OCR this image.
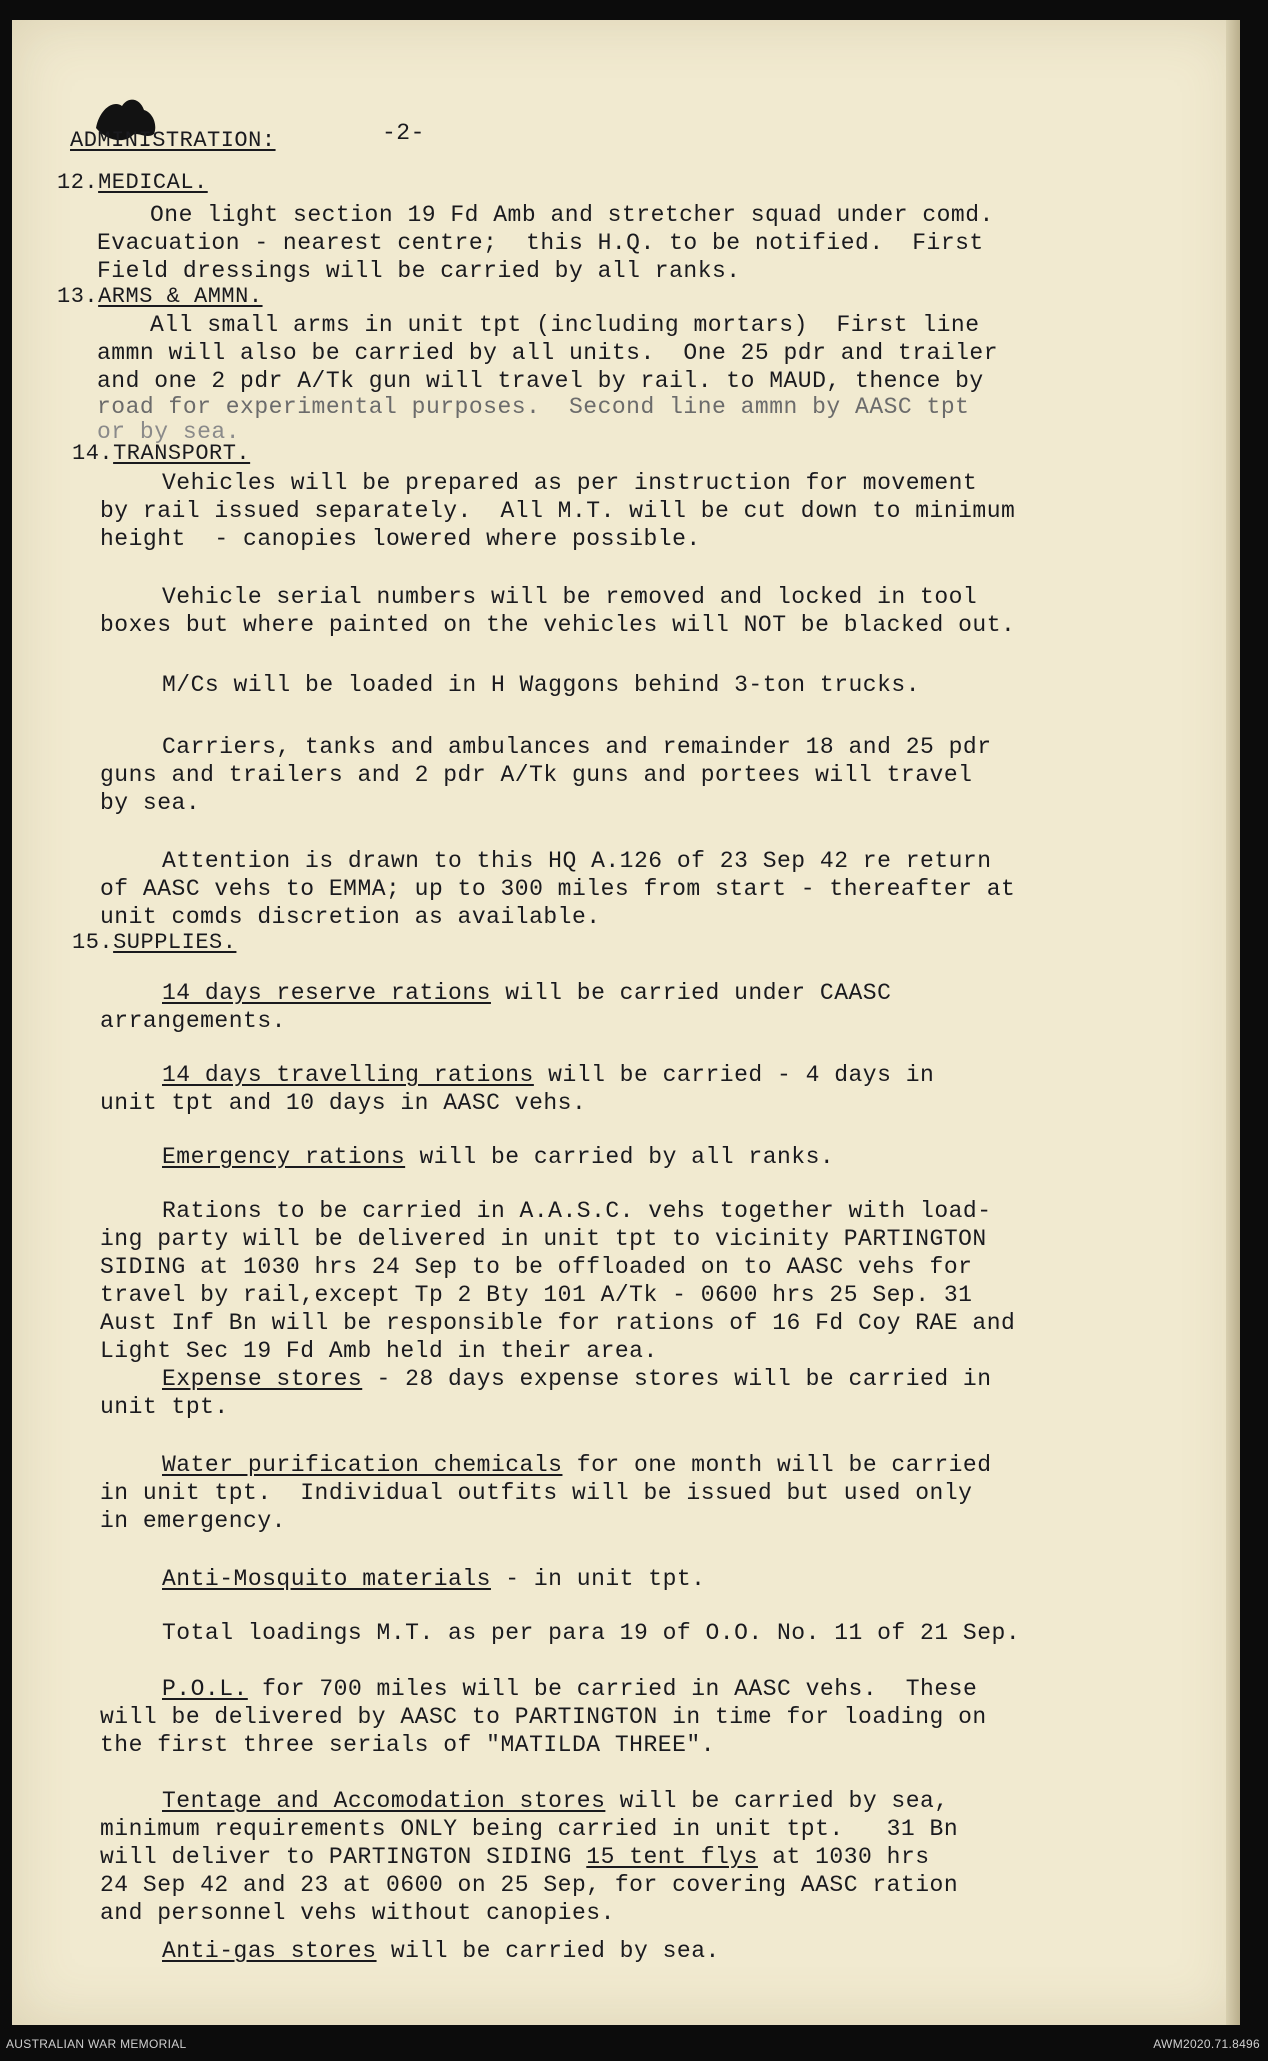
ADMINISTRATION:	-2-
12.MEDICAL.
One light section 19 Fd Amb and stretcher squad under comd.
Evacuation - nearest centre;  this H.Q. to be notified.  First
Field dressings will be carried by all ranks.
13.ARMS & AMMN.
All small arms in unit tpt (including mortars)  First line
ammn will also be carried by all units.  One 25 pdr and trailer
and one 2 pdr A/Tk gun will travel by rail. to MAUD, thence by
road for experimental purposes.  Second line ammn by AASC tpt
or by sea.
14.TRANSPORT.
Vehicles will be prepared as per instruction for movement
by rail issued separately.  All M.T. will be cut down to minimum
height  - canopies lowered where possible.
Vehicle serial numbers will be removed and locked in tool
boxes but where painted on the vehicles will NOT be blacked out.
M/Cs will be loaded in H Waggons behind 3-ton trucks.
Carriers, tanks and ambulances and remainder 18 and 25 pdr
guns and trailers and 2 pdr A/Tk guns and portees will travel
by sea.
Attention is drawn to this HQ A.126 of 23 Sep 42 re return
of AASC vehs to EMMA; up to 300 miles from start - thereafter at
unit comds discretion as available.
15.SUPPLIES.
14 days reserve rations will be carried under CAASC
arrangements.
14 days travelling rations will be carried - 4 days in
unit tpt and 10 days in AASC vehs.
Emergency rations will be carried by all ranks.
Rations to be carried in A.A.S.C. vehs together with load-
ing party will be delivered in unit tpt to vicinity PARTINGTON
SIDING at 1030 hrs 24 Sep to be offloaded on to AASC vehs for
travel by rail,except Tp 2 Bty 101 A/Tk - 0600 hrs 25 Sep. 31
Aust Inf Bn will be responsible for rations of 16 Fd Coy RAE and
Light Sec 19 Fd Amb held in their area.
Expense stores - 28 days expense stores will be carried in
unit tpt.
Water purification chemicals for one month will be carried
in unit tpt.  Individual outfits will be issued but used only
in emergency.
Anti-Mosquito materials - in unit tpt.
Total loadings M.T. as per para 19 of O.O. No. 11 of 21 Sep.
P.O.L. for 700 miles will be carried in AASC vehs.  These
will be delivered by AASC to PARTINGTON in time for loading on
the first three serials of "MATILDA THREE".
Tentage and Accomodation stores will be carried by sea,
minimum requirements ONLY being carried in unit tpt.   31 Bn
will deliver to PARTINGTON SIDING 15 tent flys at 1030 hrs
24 Sep 42 and 23 at 0600 on 25 Sep, for covering AASC ration
and personnel vehs without canopies.
Anti-gas stores will be carried by sea.
AUSTRALIAN WAR MEMORIAL	AWM2020.71.8496
